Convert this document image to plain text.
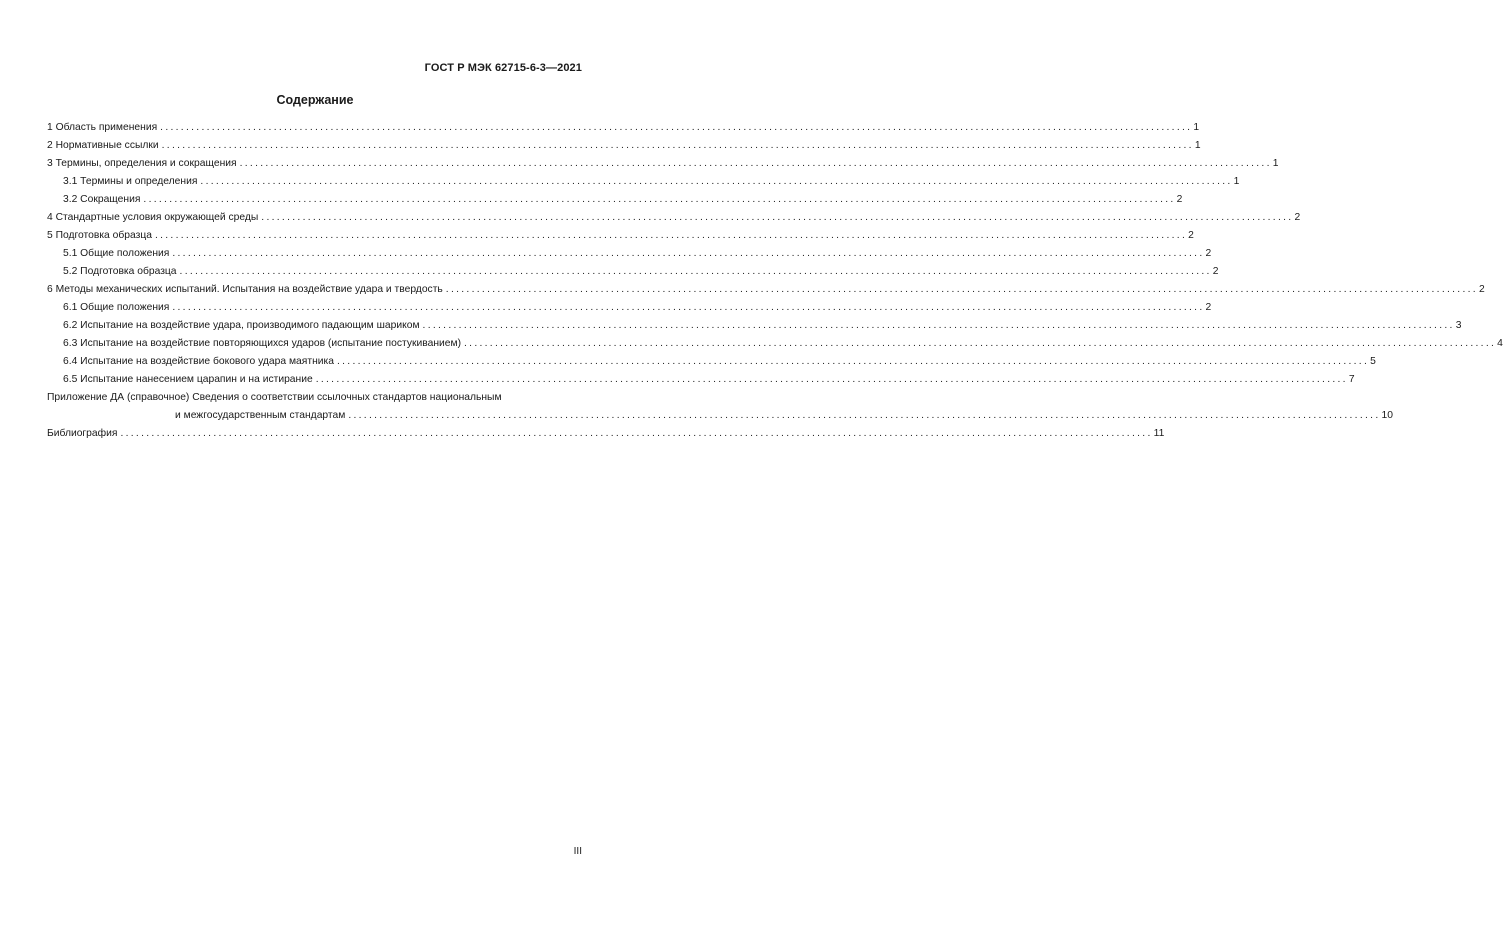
ГОСТ Р МЭК 62715-6-3—2021
Содержание
1 Область применения ........................................................................................................................................................................................................ 1
2 Нормативные ссылки ........................................................................................................................................................................................................ 1
3 Термины, определения и сокращения ........................................................................................................................................................................................................ 1
3.1 Термины и определения ........................................................................................................................................................................................................ 1
3.2 Сокращения ........................................................................................................................................................................................................ 2
4 Стандартные условия окружающей среды ........................................................................................................................................................................................................ 2
5 Подготовка образца ........................................................................................................................................................................................................ 2
5.1 Общие положения ........................................................................................................................................................................................................ 2
5.2 Подготовка образца ........................................................................................................................................................................................................ 2
6 Методы механических испытаний. Испытания на воздействие удара и твердость ........................................................................................................................................................................................................ 2
6.1 Общие положения ........................................................................................................................................................................................................ 2
6.2 Испытание на воздействие удара, производимого падающим шариком ........................................................................................................................................................................................................ 3
6.3 Испытание на воздействие повторяющихся ударов (испытание постукиванием) ........................................................................................................................................................................................................ 4
6.4 Испытание на воздействие бокового удара маятника ........................................................................................................................................................................................................ 5
6.5 Испытание нанесением царапин и на истирание ........................................................................................................................................................................................................ 7
Приложение ДА (справочное) Сведения о соответствии ссылочных стандартов национальным
и межгосударственным стандартам ........................................................................................................................................................................................................ 10
Библиография ........................................................................................................................................................................................................ 11
III
